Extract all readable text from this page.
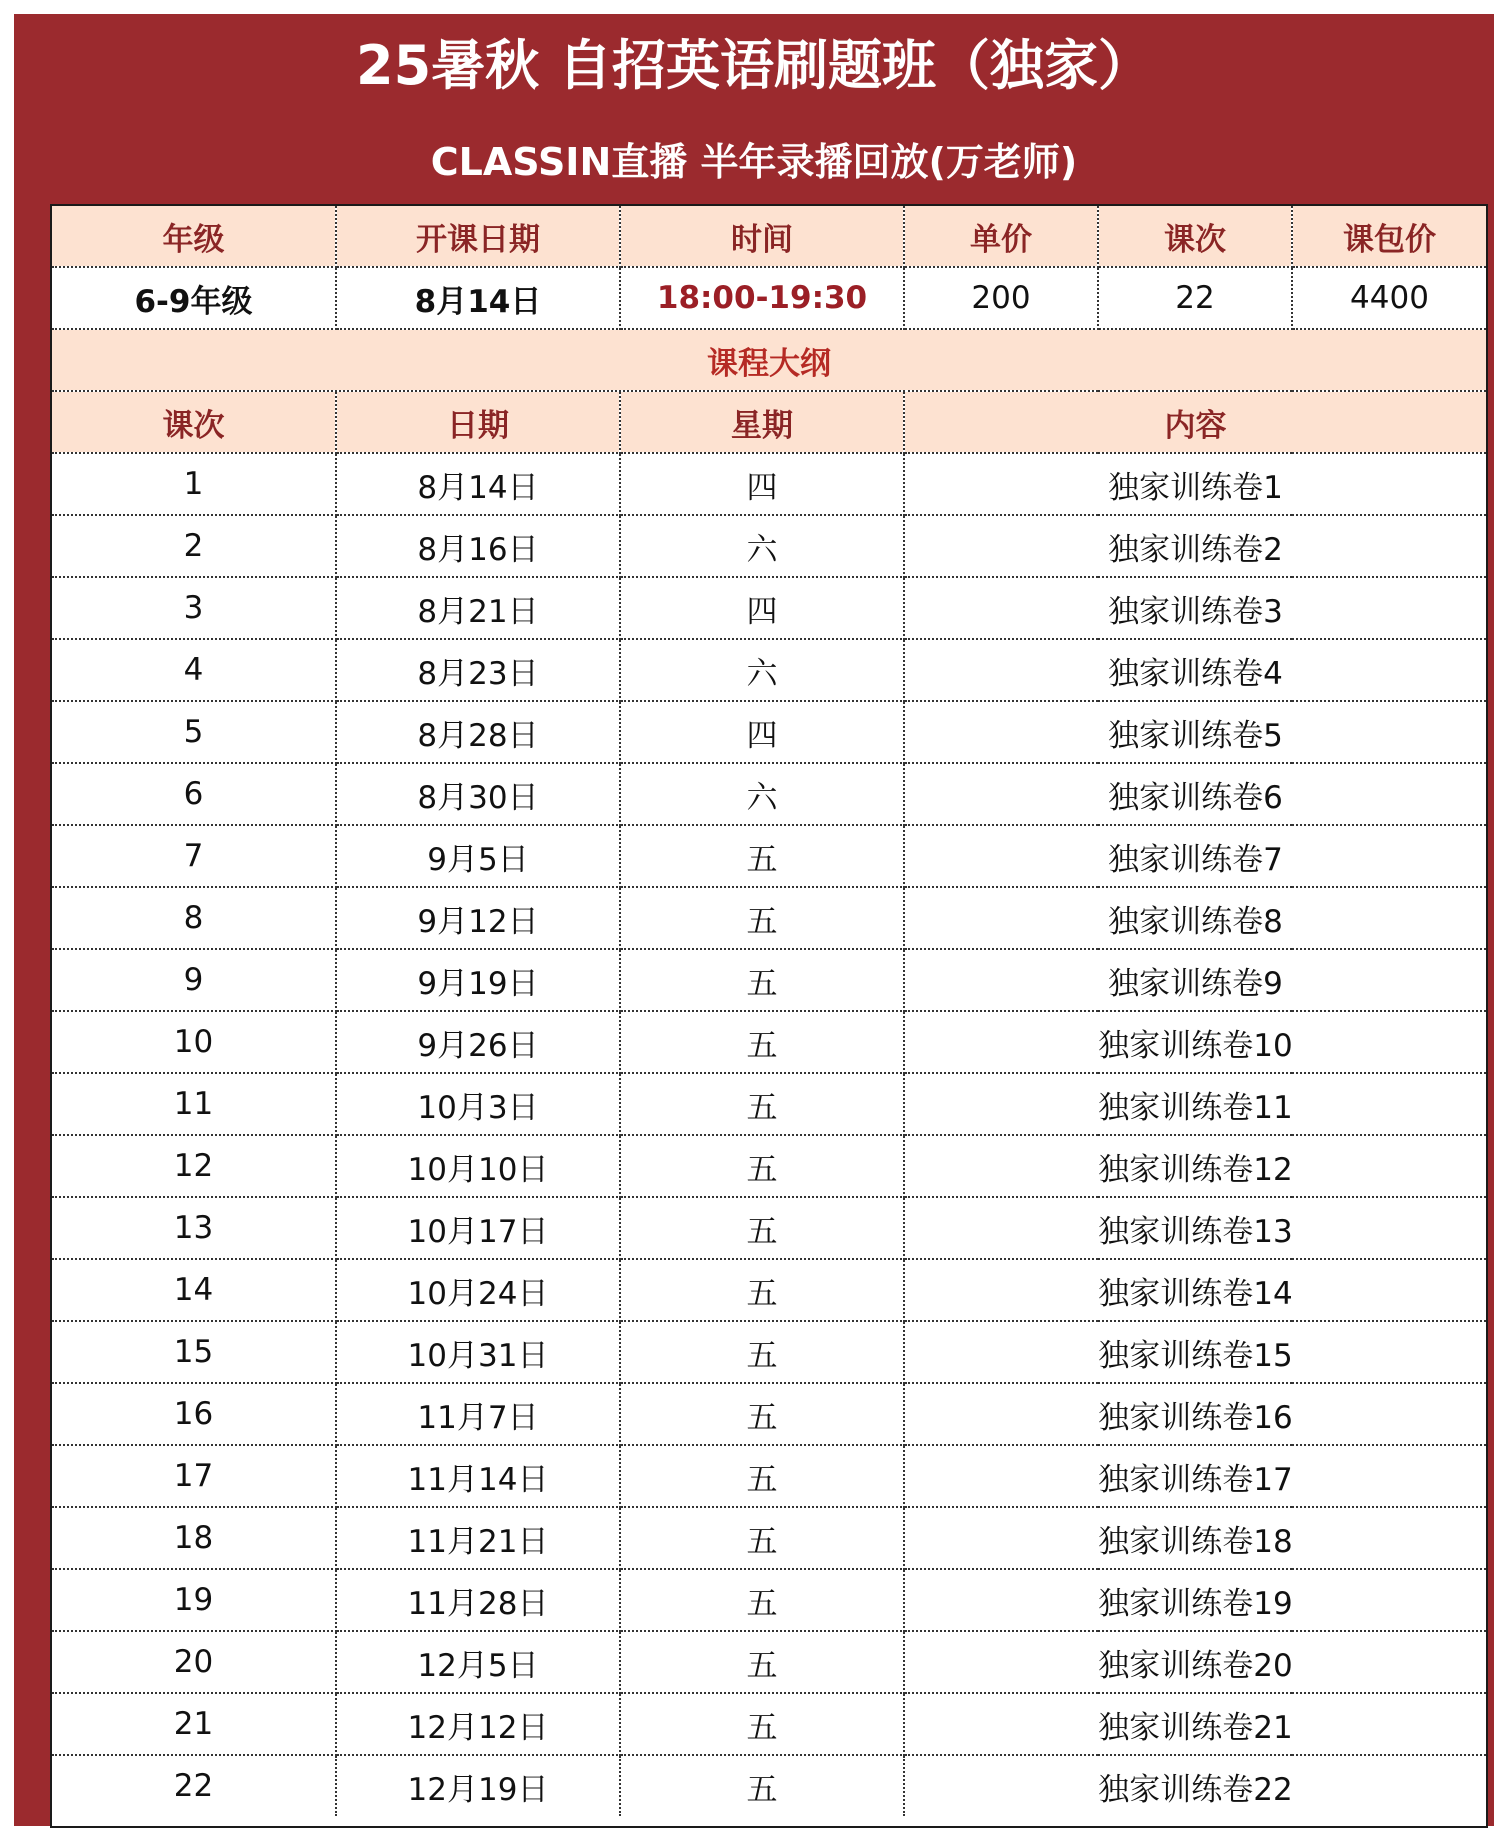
25暑秋 自招英语刷题班（独家）
CLASSIN直播 半年录播回放(万老师)
年级	开课日期	时间	单价	课次	课包价
6-9年级	8月14日	18:00-19:30	200	22	4400
课程大纲					
课次	日期	星期	内容		
1	8月14日	四	独家训练卷1		
2	8月16日	六	独家训练卷2		
3	8月21日	四	独家训练卷3		
4	8月23日	六	独家训练卷4		
5	8月28日	四	独家训练卷5		
6	8月30日	六	独家训练卷6		
7	9月5日	五	独家训练卷7		
8	9月12日	五	独家训练卷8		
9	9月19日	五	独家训练卷9		
10	9月26日	五	独家训练卷10		
11	10月3日	五	独家训练卷11		
12	10月10日	五	独家训练卷12		
13	10月17日	五	独家训练卷13		
14	10月24日	五	独家训练卷14		
15	10月31日	五	独家训练卷15		
16	11月7日	五	独家训练卷16		
17	11月14日	五	独家训练卷17		
18	11月21日	五	独家训练卷18		
19	11月28日	五	独家训练卷19		
20	12月5日	五	独家训练卷20		
21	12月12日	五	独家训练卷21		
22	12月19日	五	独家训练卷22		
